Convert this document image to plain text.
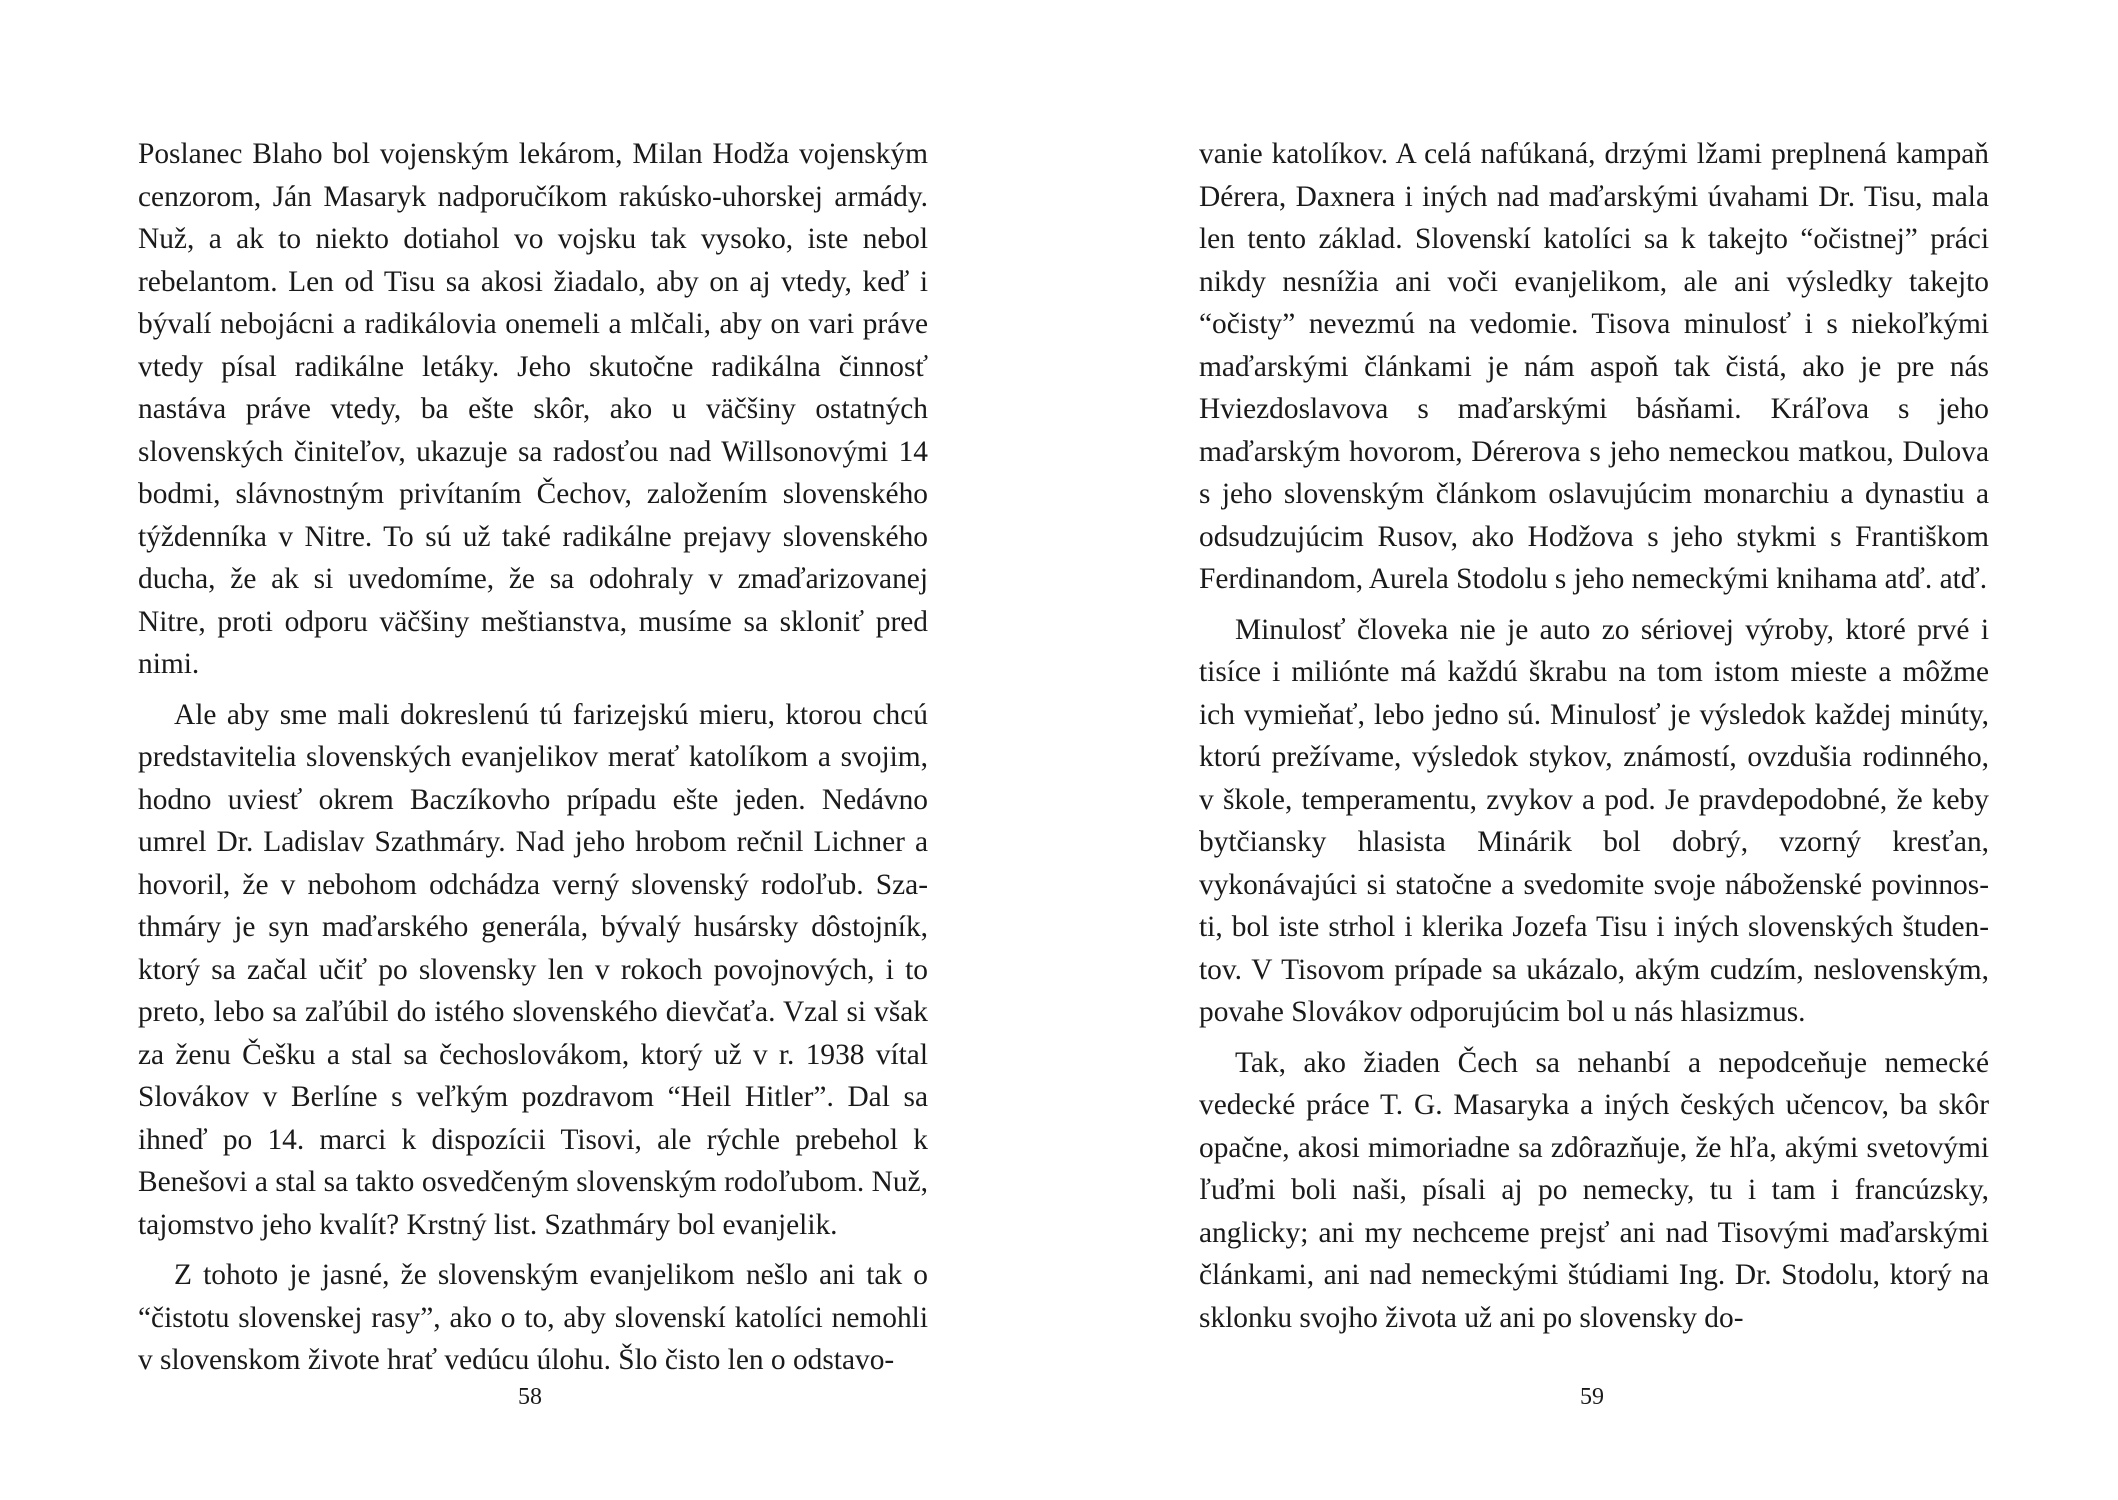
Poslanec Blaho bol vojenským lekárom, Milan Hodža vojenským cenzorom, Ján Masaryk nadporučíkom rakúsko-uhorskej armády. Nuž, a ak to niekto dotiahol vo vojsku tak vysoko, iste nebol rebelantom. Len od Tisu sa akosi žiadalo, aby on aj vtedy, keď i bývalí nebojácni a radikálovia onemeli a mlčali, aby on vari práve vtedy písal radikálne letáky. Jeho skutočne radikálna činnosť nastáva práve vtedy, ba ešte skôr, ako u väčšiny ostatných slovenských činiteľov, ukazuje sa radosťou nad Willsonovými 14 bodmi, slávnostným privítaním Čechov, založením slovenského týždenníka v Nitre. To sú už také radikálne prejavy slovenského ducha, že ak si uvedomíme, že sa odohraly v zmaďarizovanej Nitre, proti odporu väčšiny meštianstva, musíme sa skloniť pred nimi.

Ale aby sme mali dokreslenú tú farizejskú mieru, ktorou chcú predstavitelia slovenských evanjelikov merať katolíkom a svojim, hodno uviesť okrem Baczíkovho prípadu ešte jeden. Nedávno umrel Dr. Ladislav Szathmáry. Nad jeho hrobom rečnil Lichner a hovoril, že v nebohom odchádza verný slovenský rodoľub. Szathmáry je syn maďarského generála, bývalý husársky dôstojník, ktorý sa začal učiť po slovensky len v rokoch povojnových, i to preto, lebo sa zaľúbil do istého slovenského dievčaťa. Vzal si však za ženu Češku a stal sa čechoslovákom, ktorý už v r. 1938 vítal Slovákov v Berlíne s veľkým pozdravom “Heil Hitler”. Dal sa ihneď po 14. marci k dispozícii Tisovi, ale rýchle prebehol k Benešovi a stal sa takto osvedčeným slovenským rodoľubom. Nuž, tajomstvo jeho kvalít? Krstný list. Szathmáry bol evanjelik.

Z tohoto je jasné, že slovenským evanjelikom nešlo ani tak o “čistotu slovenskej rasy”, ako o to, aby slovenskí katolíci nemohli v slovenskom živote hrať vedúcu úlohu. Šlo čisto len o odstavo-

58

vanie katolíkov. A celá nafúkaná, drzými lžami preplnená kampaň Dérera, Daxnera i iných nad maďarskými úvahami Dr. Tisu, mala len tento základ. Slovenskí katolíci sa k takejto “očistnej” práci nikdy nesnížia ani voči evanjelikom, ale ani výsledky takejto “očisty” nevezmú na vedomie. Tisova minulosť i s niekoľkými maďarskými článkami je nám aspoň tak čistá, ako je pre nás Hviezdoslavova s maďarskými básňami. Kráľova s jeho maďarským hovorom, Dérerova s jeho nemeckou matkou, Dulova s jeho slovenským článkom oslavujúcim monarchiu a dynastiu a odsudzujúcim Rusov, ako Hodžova s jeho stykmi s Františkom Ferdinandom, Aurela Stodolu s jeho nemeckými knihama atď. atď.

Minulosť človeka nie je auto zo sériovej výroby, ktoré prvé i tisíce i miliónte má každú škrabu na tom istom mieste a môžme ich vymieňať, lebo jedno sú. Minulosť je výsledok každej minúty, ktorú prežívame, výsledok stykov, známostí, ovzdušia rodinného, v škole, temperamentu, zvykov a pod. Je pravdepodobné, že keby bytčiansky hlasista Minárik bol dobrý, vzorný kresťan, vykonávajúci si statočne a svedomite svoje náboženské povinnosti, bol iste strhol i klerika Jozefa Tisu i iných slovenských študentov. V Tisovom prípade sa ukázalo, akým cudzím, neslovenským, povahe Slovákov odporujúcim bol u nás hlasizmus.

Tak, ako žiaden Čech sa nehanbí a nepodceňuje nemecké vedecké práce T. G. Masaryka a iných českých učencov, ba skôr opačne, akosi mimoriadne sa zdôrazňuje, že hľa, akými svetovými ľuďmi boli naši, písali aj po nemecky, tu i tam i francúzsky, anglicky; ani my nechceme prejsť ani nad Tisovými maďarskými článkami, ani nad nemeckými štúdiami Ing. Dr. Stodolu, ktorý na sklonku svojho života už ani po slovensky do-

59
